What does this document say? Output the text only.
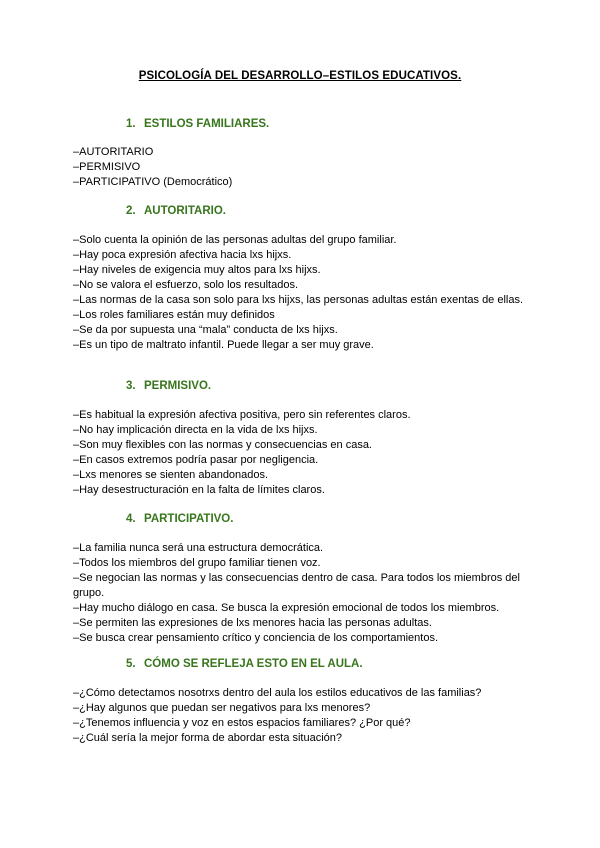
PSICOLOGÍA DEL DESARROLLO–ESTILOS EDUCATIVOS.
1. ESTILOS FAMILIARES.
–AUTORITARIO
–PERMISIVO
–PARTICIPATIVO (Democrático)
2. AUTORITARIO.
–Solo cuenta la opinión de las personas adultas del grupo familiar.
–Hay poca expresión afectiva hacia lxs hijxs.
–Hay niveles de exigencia muy altos para lxs hijxs.
–No se valora el esfuerzo, solo los resultados.
–Las normas de la casa son solo para lxs hijxs, las personas adultas están exentas de ellas.
–Los roles familiares están muy definidos
–Se da por supuesta una “mala” conducta de lxs hijxs.
–Es un tipo de maltrato infantil. Puede llegar a ser muy grave.
3. PERMISIVO.
–Es habitual la expresión afectiva positiva, pero sin referentes claros.
–No hay implicación directa en la vida de lxs hijxs.
–Son muy flexibles con las normas y consecuencias en casa.
–En casos extremos podría pasar por negligencia.
–Lxs menores se sienten abandonados.
–Hay desestructuración en la falta de límites claros.
4. PARTICIPATIVO.
–La familia nunca será una estructura democrática.
–Todos los miembros del grupo familiar tienen voz.
–Se negocian las normas y las consecuencias dentro de casa. Para todos los miembros del grupo.
–Hay mucho diálogo en casa. Se busca la expresión emocional de todos los miembros.
–Se permiten las expresiones de lxs menores hacia las personas adultas.
–Se busca crear pensamiento crítico y conciencia de los comportamientos.
5. CÓMO SE REFLEJA ESTO EN EL AULA.
–¿Cómo detectamos nosotrxs dentro del aula los estilos educativos de las familias?
–¿Hay algunos que puedan ser negativos para lxs menores?
–¿Tenemos influencia y voz en estos espacios familiares? ¿Por qué?
–¿Cuál sería la mejor forma de abordar esta situación?
